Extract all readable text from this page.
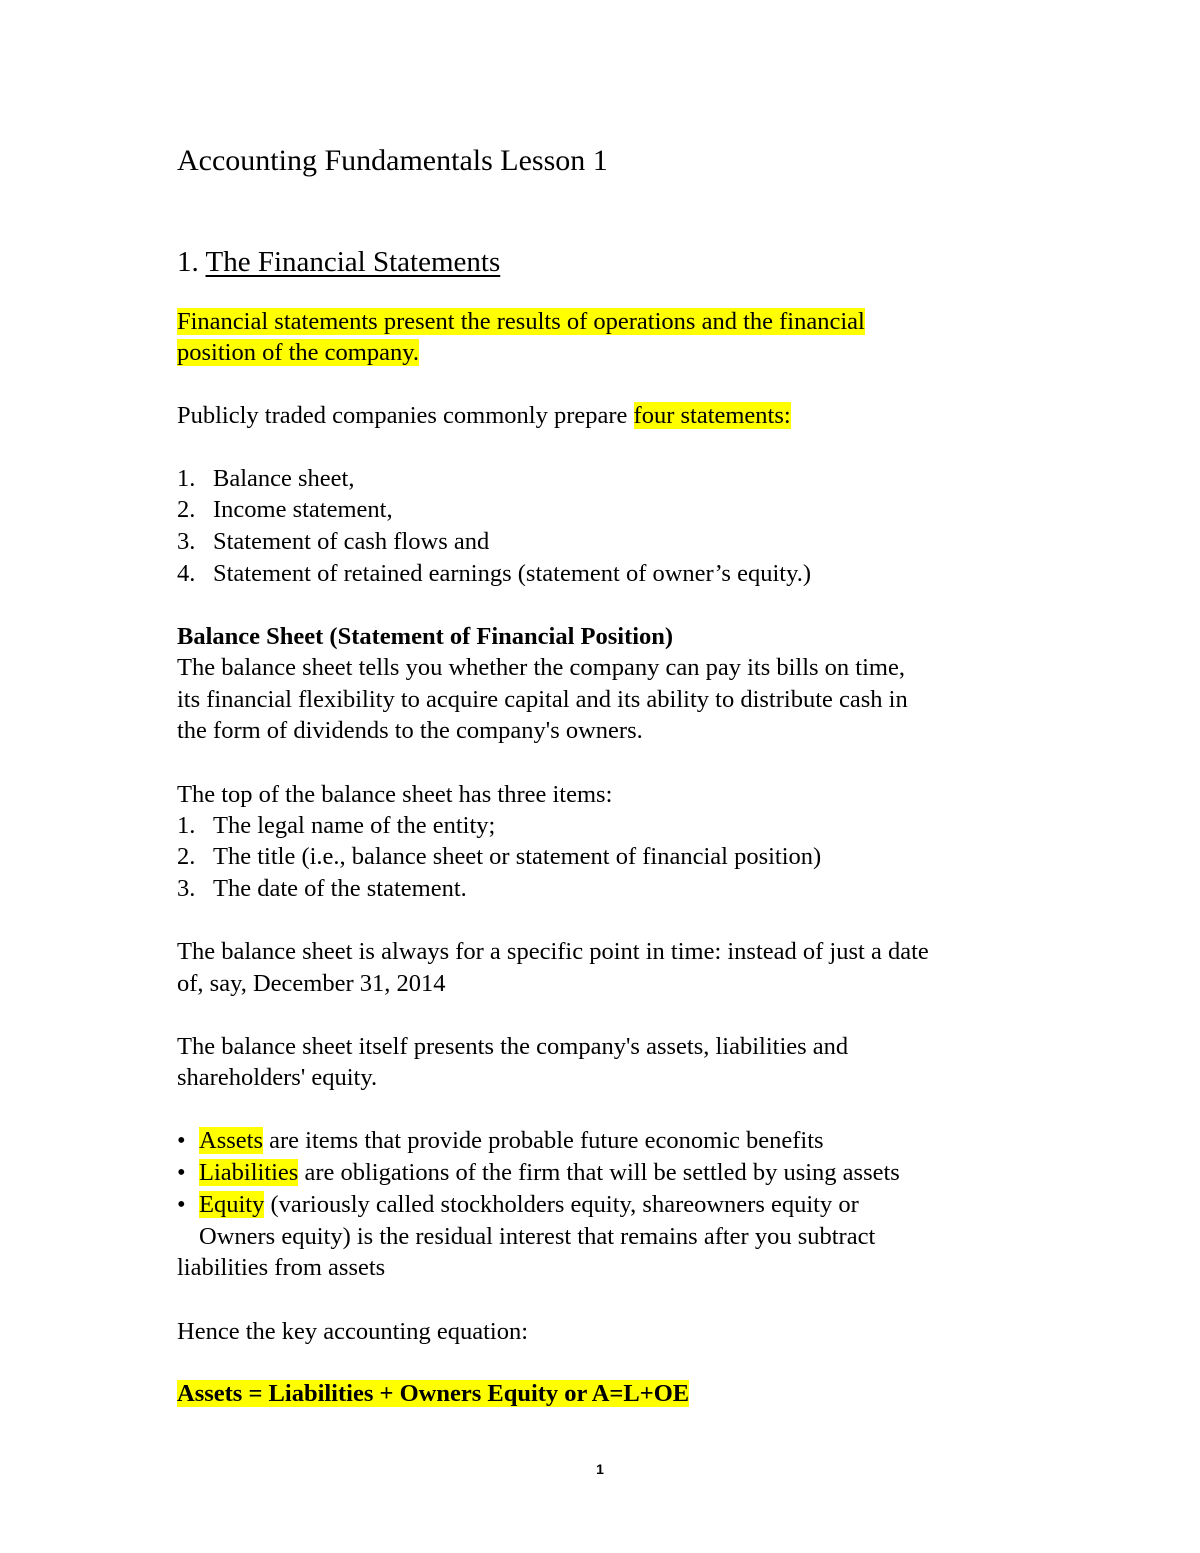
Accounting Fundamentals Lesson 1
1. The Financial Statements
Financial statements present the results of operations and the financial
position of the company.
Publicly traded companies commonly prepare four statements:
1. Balance sheet,
2. Income statement,
3. Statement of cash flows and
4. Statement of retained earnings (statement of owner’s equity.)
Balance Sheet (Statement of Financial Position)
The balance sheet tells you whether the company can pay its bills on time,
its financial flexibility to acquire capital and its ability to distribute cash in
the form of dividends to the company's owners.
The top of the balance sheet has three items:
1. The legal name of the entity;
2. The title (i.e., balance sheet or statement of financial position)
3. The date of the statement.
The balance sheet is always for a specific point in time: instead of just a date
of, say, December 31, 2014
The balance sheet itself presents the company's assets, liabilities and
shareholders' equity.
• Assets are items that provide probable future economic benefits
• Liabilities are obligations of the firm that will be settled by using assets
• Equity (variously called stockholders equity, shareowners equity or
Owners equity) is the residual interest that remains after you subtract
liabilities from assets
Hence the key accounting equation:
Assets = Liabilities + Owners Equity or A=L+OE
1
